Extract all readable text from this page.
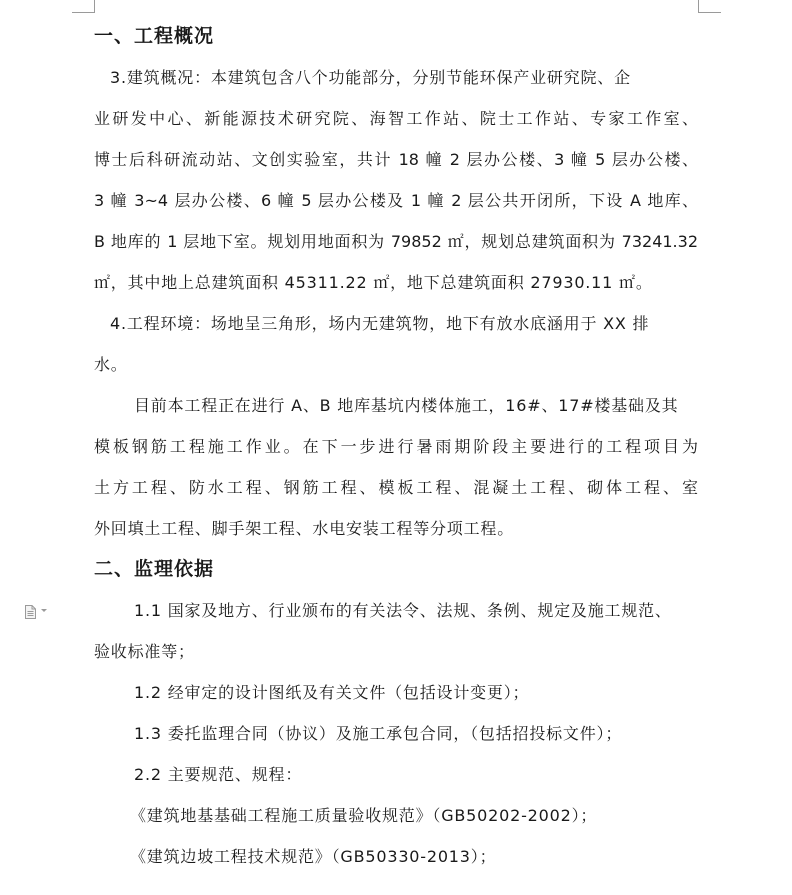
一、工程概况
3.建筑概况：本建筑包含八个功能部分，分别节能环保产业研究院、企
业研发中心、新能源技术研究院、海智工作站、院士工作站、专家工作室、
博士后科研流动站、文创实验室，共计 18 幢 2 层办公楼、3 幢 5 层办公楼、
3 幢 3~4 层办公楼、6 幢 5 层办公楼及 1 幢 2 层公共开闭所，下设 A 地库、
B 地库的 1 层地下室。规划用地面积为 79852 ㎡，规划总建筑面积为 73241.32
㎡，其中地上总建筑面积 45311.22 ㎡，地下总建筑面积 27930.11 ㎡。
4.工程环境：场地呈三角形，场内无建筑物，地下有放水底涵用于 XX 排
水。
目前本工程正在进行 A、B 地库基坑内楼体施工，16#、17#楼基础及其
模板钢筋工程施工作业。在下一步进行暑雨期阶段主要进行的工程项目为
土方工程、防水工程、钢筋工程、模板工程、混凝土工程、砌体工程、室
外回填土工程、脚手架工程、水电安装工程等分项工程。
二、监理依据
1.1 国家及地方、行业颁布的有关法令、法规、条例、规定及施工规范、
验收标准等；
1.2 经审定的设计图纸及有关文件（包括设计变更）；
1.3 委托监理合同（协议）及施工承包合同，（包括招投标文件）；
2.2 主要规范、规程：
《建筑地基基础工程施工质量验收规范》（GB50202-2002）；
《建筑边坡工程技术规范》（GB50330-2013）；
